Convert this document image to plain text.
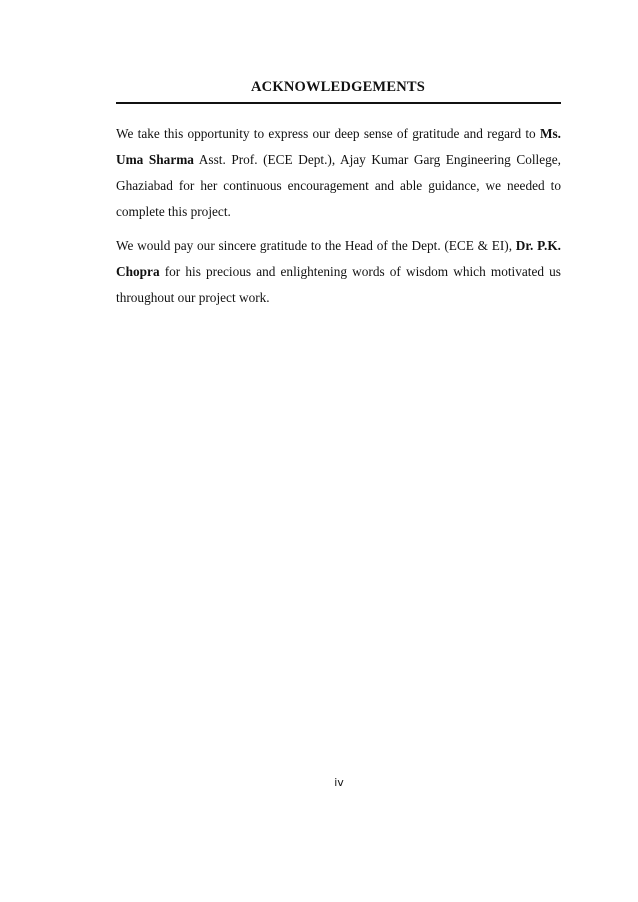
ACKNOWLEDGEMENTS

We take this opportunity to express our deep sense of gratitude and regard to Ms. Uma Sharma Asst. Prof. (ECE Dept.), Ajay Kumar Garg Engineering College, Ghaziabad for her continuous encouragement and able guidance, we needed to complete this project.

We would pay our sincere gratitude to the Head of the Dept. (ECE & EI), Dr. P.K. Chopra for his precious and enlightening words of wisdom which motivated us throughout our project work.

iv
